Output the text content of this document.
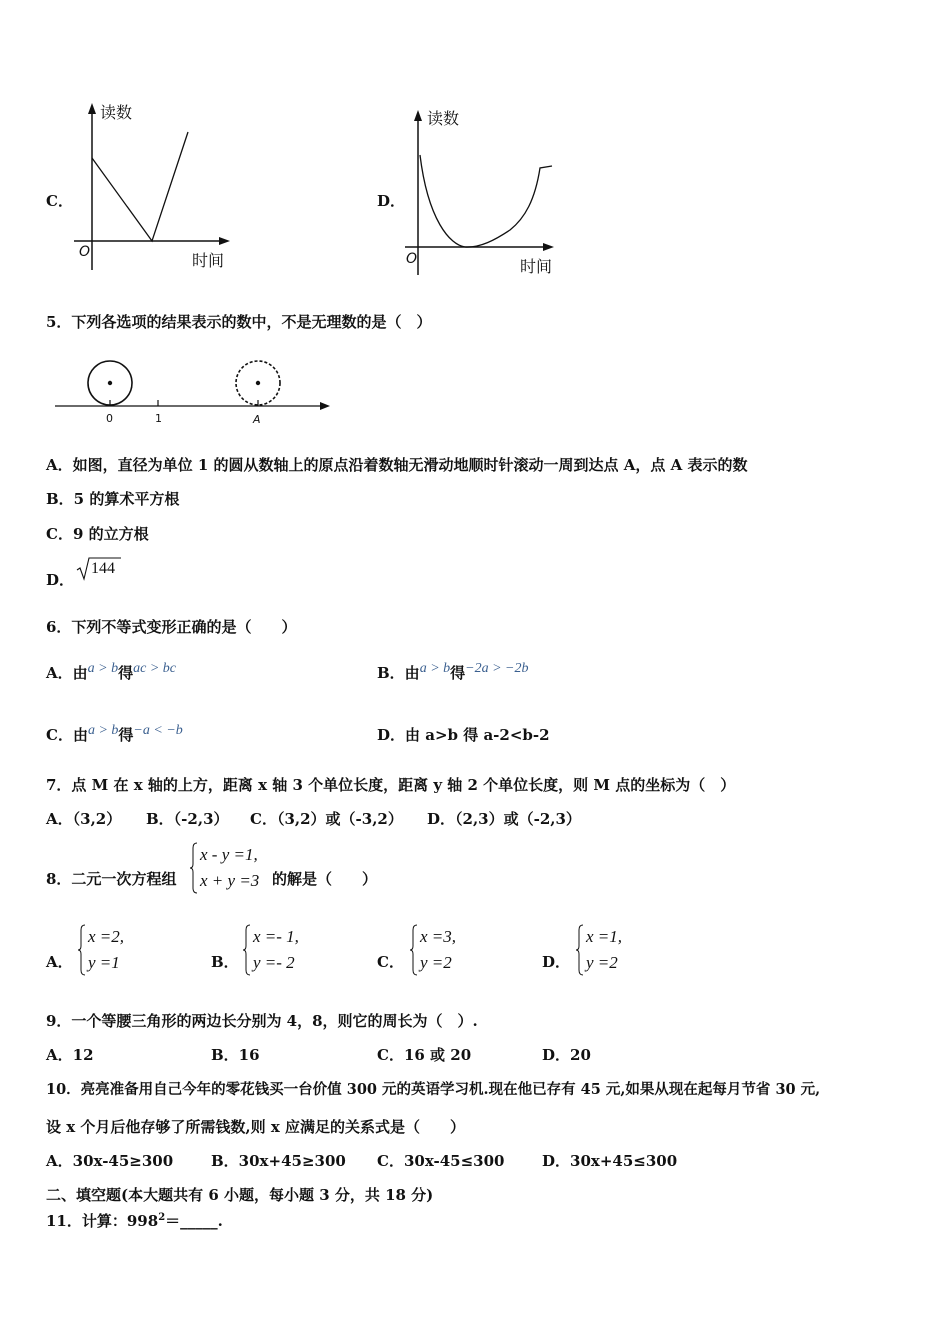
C．
读数
O	时间
D．
读数
O	时间
5．下列各选项的结果表示的数中，不是无理数的是（　）
0	1	A
A．如图，直径为单位 1 的圆从数轴上的原点沿着数轴无滑动地顺时针滚动一周到达点 A，点 A 表示的数
B．5 的算术平方根
C．9 的立方根
D．
144
6．下列不等式变形正确的是（　　）
A．由a > b得ac > bc	B．由a > b得−2a > −2b
C．由a > b得−a < −b	D．由 a>b 得 a-2<b-2
7．点 M 在 x 轴的上方，距离 x 轴 3 个单位长度，距离 y 轴 2 个单位长度，则 M 点的坐标为（　）
A．（3,2） B．（-2,3） C．（3,2）或（-3,2） D．（2,3）或（-2,3）
8．二元一次方程组
x - y =1,
x + y =3 的解是（　　）
A．
x =2,
y =1	B．
x =- 1,
y =- 2	C．
x =3,
y =2	D．
x =1,
y =2
9．一个等腰三角形的两边长分别为 4，8，则它的周长为（　）.
A．12	B．16	C．16 或 20	D．20
10．亮亮准备用自己今年的零花钱买一台价值 300 元的英语学习机.现在他已存有 45 元,如果从现在起每月节省 30 元,
设 x 个月后他存够了所需钱数,则 x 应满足的关系式是（　　）
A．30x-45≥300	B．30x+45≥300 C．30x-45≤300	D．30x+45≤300
二、填空题(本大题共有 6 小题，每小题 3 分，共 18 分)
11．计算：$998^2=\_\_\_\_\_$.
